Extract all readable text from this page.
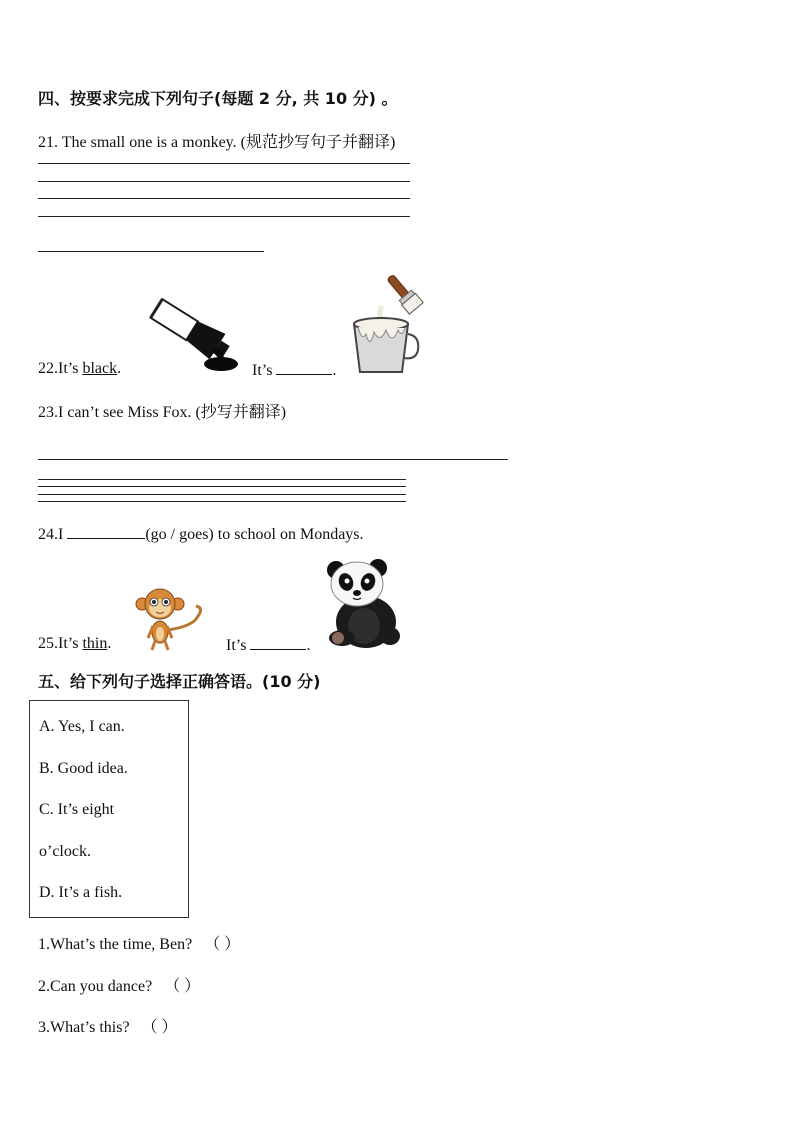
四、按要求完成下列句子(每题 2 分, 共 10 分) 。
21. The small one is a monkey. (规范抄写句子并翻译)
22.It’s black.	It’s	.
23.I can’t see Miss Fox. (抄写并翻译)
24.I	(go / goes) to school on Mondays.
25.It’s thin.	It’s	.
五、给下列句子选择正确答语。(10 分)
A. Yes, I can.
B. Good idea.
C. It’s eight
o’clock.
D. It’s a fish.
1.What’s the time, Ben? （ ）
2.Can you dance? （ ）
3.What’s this? （ ）
